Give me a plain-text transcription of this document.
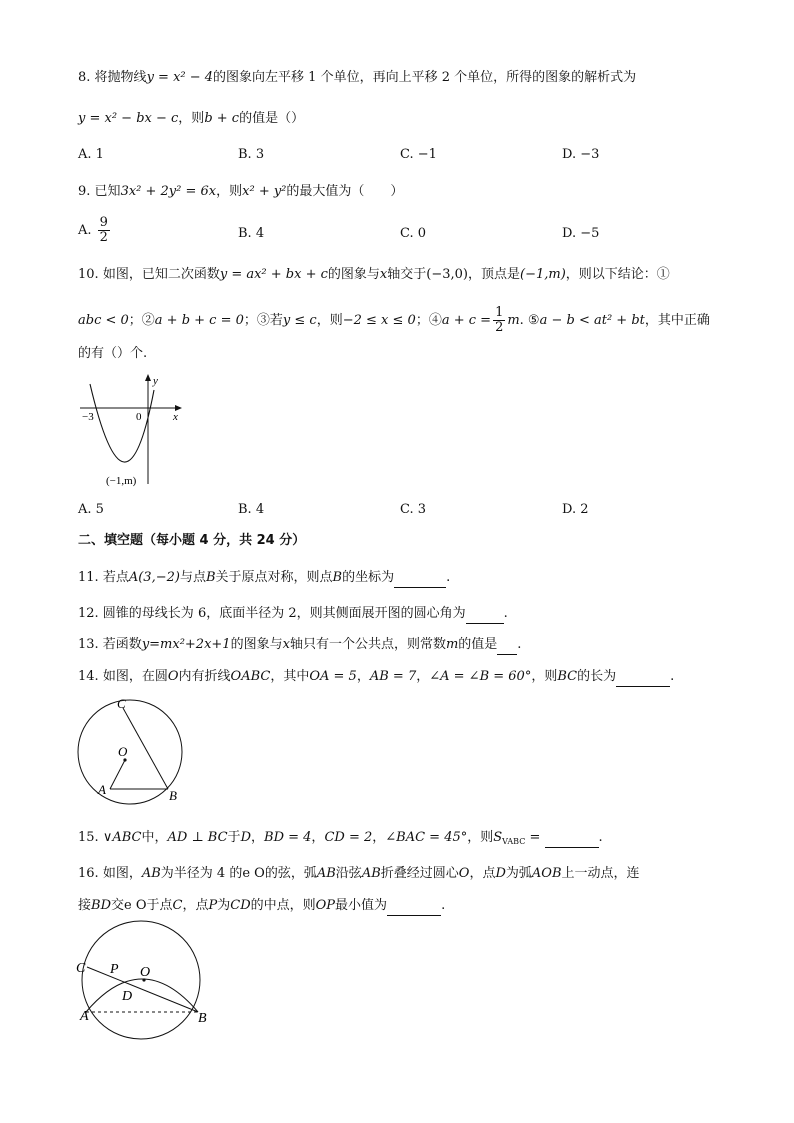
8. 将抛物线y = x² − 4的图象向左平移 1 个单位，再向上平移 2 个单位，所得的图象的解析式为
y = x² − bx − c，则b + c的值是（）
A. 1	B. 3	C. −1	D. −3
9. 已知3x² + 2y² = 6x，则x² + y²的最大值为（　　）
A. $\frac{9}{2}$	B. 4	C. 0	D. −5
10. 如图，已知二次函数y = ax² + bx + c的图象与x轴交于(−3,0)，顶点是(−1,m)，则以下结论：①
abc < 0；②a + b + c = 0；③若y ≤ c，则−2 ≤ x ≤ 0；④a + $c = \frac{1}{2} m$. ⑤a − b < at² + bt，其中正确
的有（）个.
y
x
−3	0
(−1,m)
A. 5	B. 4	C. 3	D. 2
二、填空题（每小题 4 分，共 24 分）
11. 若点A(3,−2)与点B关于原点对称，则点B的坐标为	.
12. 圆锥的母线长为 6，底面半径为 2，则其侧面展开图的圆心角为	.
13. 若函数y=mx²+2x+1的图象与x轴只有一个公共点，则常数m的值是 .
14. 如图，在圆O内有折线OABC，其中OA = 5，AB = 7，∠A = ∠B = 60°，则BC的长为	.
C
O
A	B
15. ∨ABC中，AD ⊥ BC于D，BD = 4，CD = 2，∠BAC = 45°，则$S_{VABC}$ =	.
16. 如图，AB为半径为 4 的e O的弦，弧AB沿弦AB折叠经过圆心O，点D为弧AOB上一动点，连
接BD交e O于点C，点P为CD的中点，则OP最小值为	.
C P O
D
A	B
